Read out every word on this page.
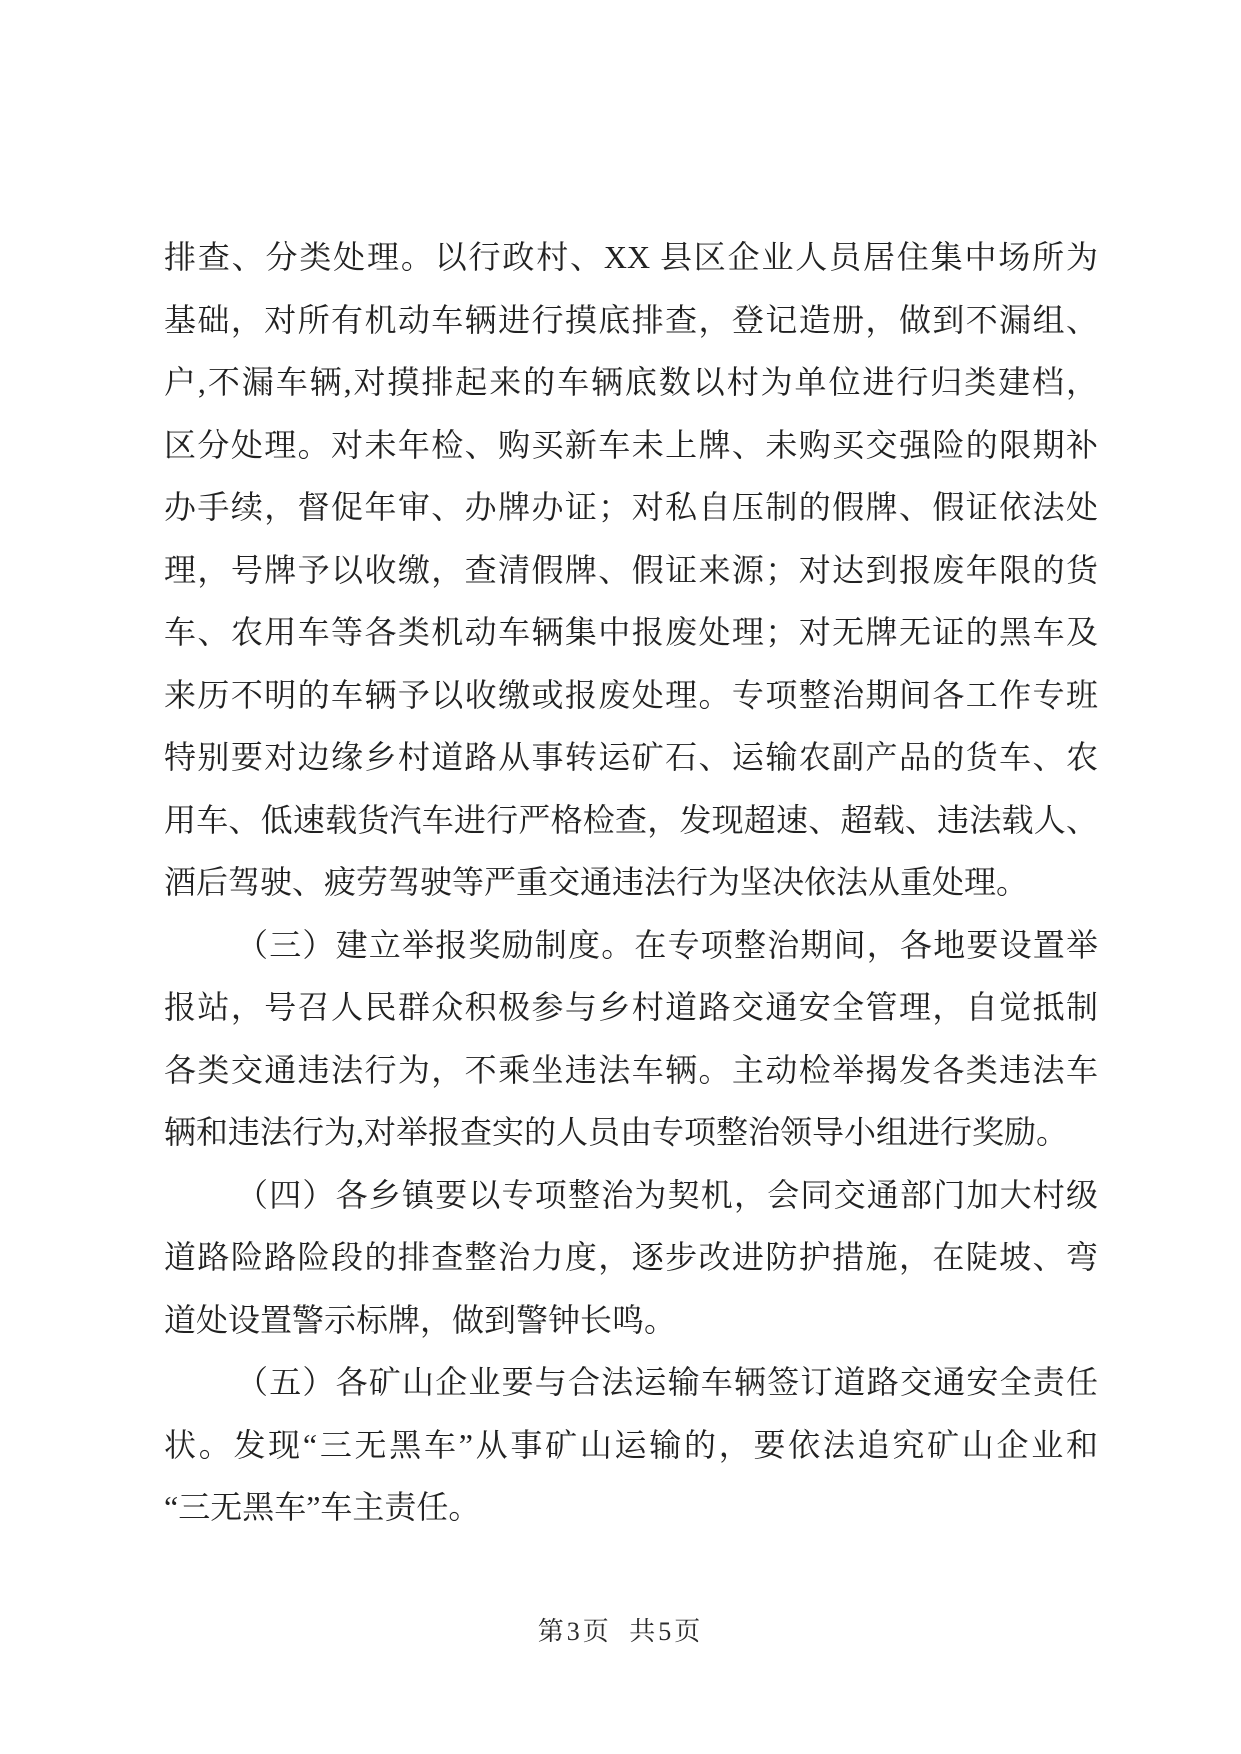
排查、分类处理。以行政村、XX 县区企业人员居住集中场所为
基础，对所有机动车辆进行摸底排查，登记造册，做到不漏组、
户,不漏车辆,对摸排起来的车辆底数以村为单位进行归类建档，
区分处理。对未年检、购买新车未上牌、未购买交强险的限期补
办手续，督促年审、办牌办证；对私自压制的假牌、假证依法处
理，号牌予以收缴，查清假牌、假证来源；对达到报废年限的货
车、农用车等各类机动车辆集中报废处理；对无牌无证的黑车及
来历不明的车辆予以收缴或报废处理。专项整治期间各工作专班
特别要对边缘乡村道路从事转运矿石、运输农副产品的货车、农
用车、低速载货汽车进行严格检查，发现超速、超载、违法载人、
酒后驾驶、疲劳驾驶等严重交通违法行为坚决依法从重处理。
（三）建立举报奖励制度。在专项整治期间，各地要设置举
报站，号召人民群众积极参与乡村道路交通安全管理，自觉抵制
各类交通违法行为，不乘坐违法车辆。主动检举揭发各类违法车
辆和违法行为,对举报查实的人员由专项整治领导小组进行奖励。
（四）各乡镇要以专项整治为契机，会同交通部门加大村级
道路险路险段的排查整治力度，逐步改进防护措施，在陡坡、弯
道处设置警示标牌，做到警钟长鸣。
（五）各矿山企业要与合法运输车辆签订道路交通安全责任
状。发现“三无黑车”从事矿山运输的，要依法追究矿山企业和
“三无黑车”车主责任。
第3页 共5页
